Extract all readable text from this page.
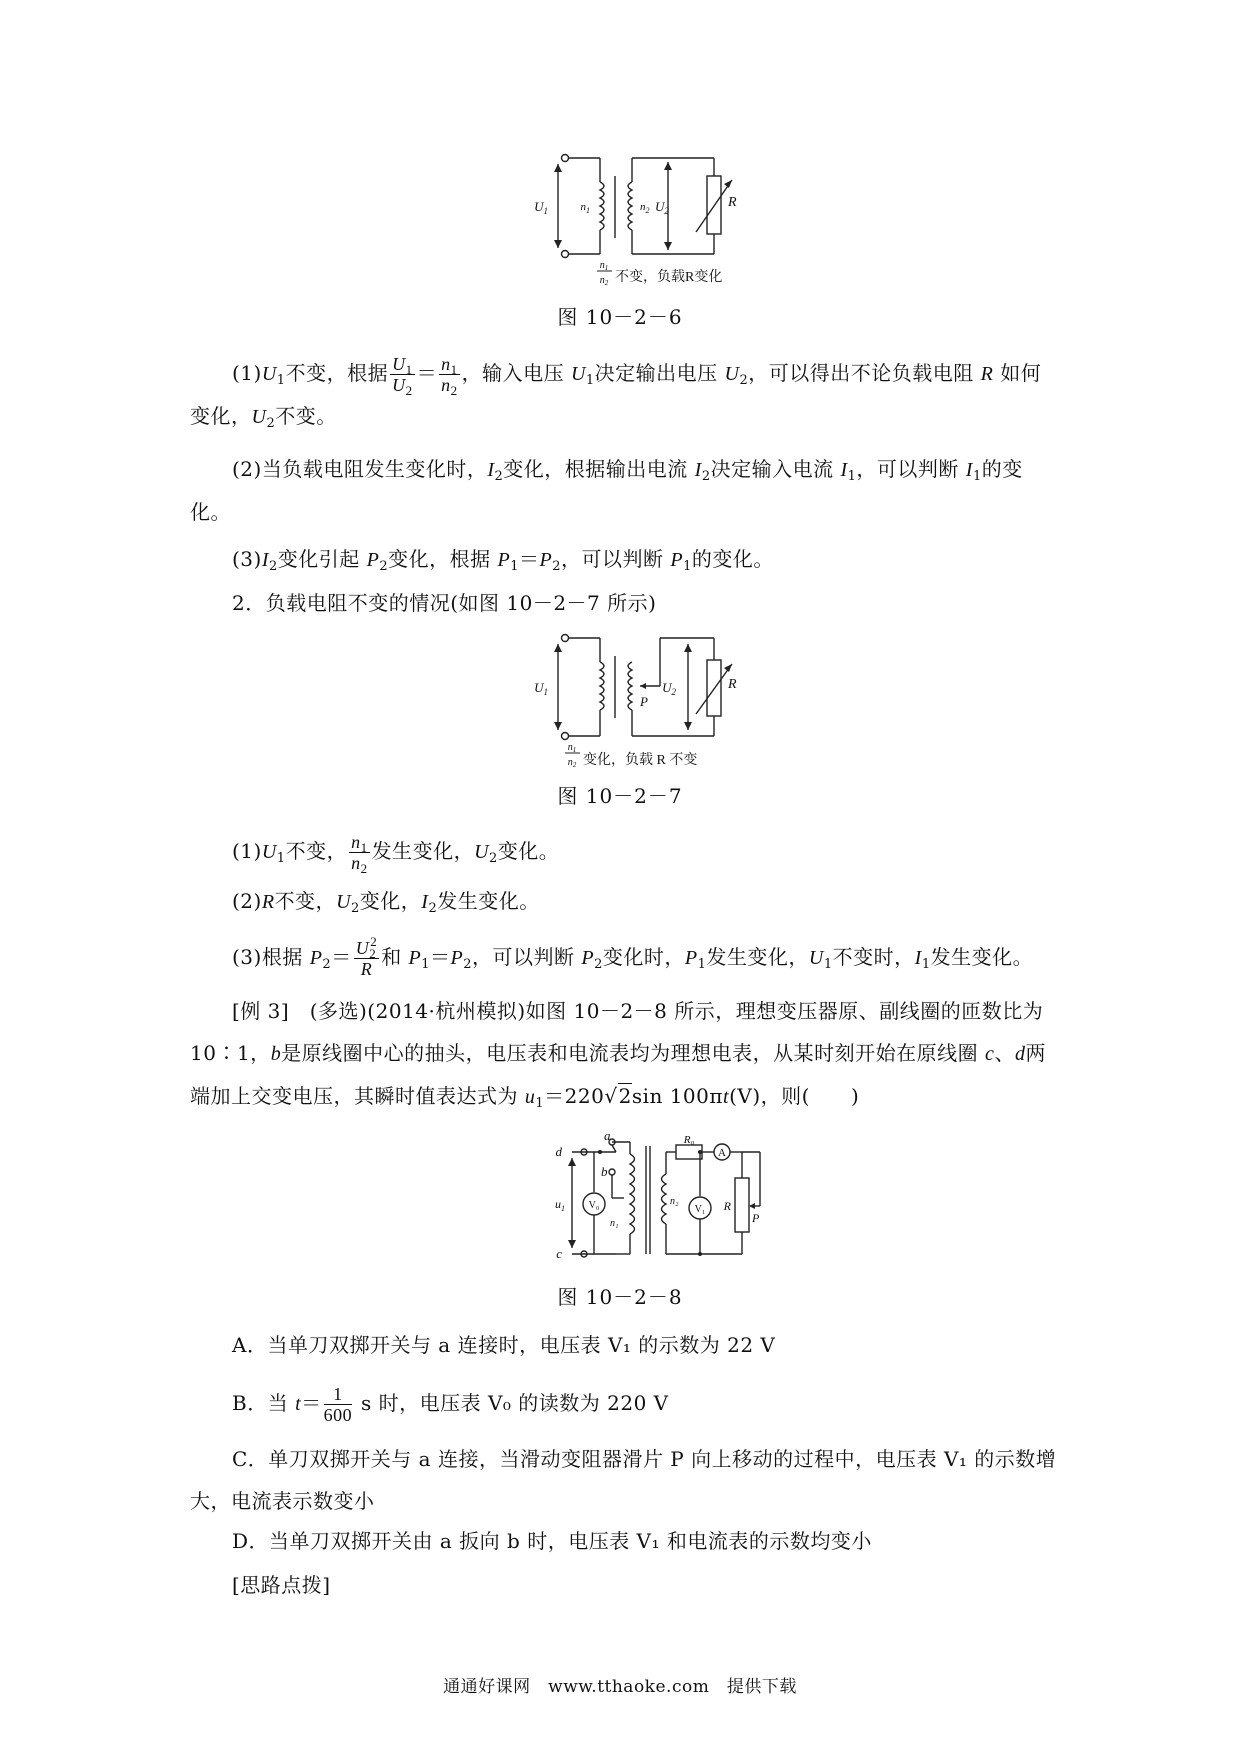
$U_1$	$n_1$	$n_2$ $U_2$
R
$n_1$
$n_2$ 不变，负载R变化
图 10－2－6
$(1)U_1$不变，根据 $\frac{U_1}{U_2} = \frac{n_1}{n_2}$ ，输入电压 $U_1$决定输出电压 $U_2$，可以得出不论负载电阻 R 如何变化，$U_2$不变。
(2)当负载电阻发生变化时，$I_2$变化，根据输出电流 $I_2$决定输入电流 $I_1$，可以判断 $I_1$的变化。
$(3)I_2$变化引起 $P_2$变化，根据 $P_1=P_2$，可以判断 $P_1$的变化。
2．负载电阻不变的情况(如图 10－2－7 所示)
$U_1$
P
$U_2$	R
$n_1$
$n_2$ 变化，负载 R 不变
图 10－2－7
$(1)U_1$不变， $\frac{n_1}{n_2}$ 发生变化，$U_2$变化。
(2)R不变，$U_2$变化，$I_2$发生变化。
(3)根据 $P_2= \frac{U_2^2}{R}$ 和 $P_1=P_2$，可以判断 $P_2$变化时，$P_1$发生变化，$U_1$不变时，$I_1$发生变化。
[例 3]　 (多选)(2014·杭州模拟)如图 10－2－8 所示，理想变压器原、副线圈的匝数比为 10∶1，b是原线圈中心的抽头，电压表和电流表均为理想电表，从某时刻开始在原线圈 c、d两端加上交变电压，其瞬时值表达式为 $u_1=220√2\sin$ 100πt(V)，则(　　)
d
c
a
b
$u_1$ V₀
n₁
n₂
R₀
A
V₁ R
P
图 10－2－8
A．当单刀双掷开关与 a 连接时，电压表 V₁ 的示数为 22 V
B．当 $t= \frac{1}{600}$ s 时，电压表 V₀ 的读数为 220 V
C．单刀双掷开关与 a 连接，当滑动变阻器滑片 P 向上移动的过程中，电压表 V₁ 的示数增大，电流表示数变小
D．当单刀双掷开关由 a 扳向 b 时，电压表 V₁ 和电流表的示数均变小
[思路点拨]
通通好课网　www.tthaoke.com　提供下载
